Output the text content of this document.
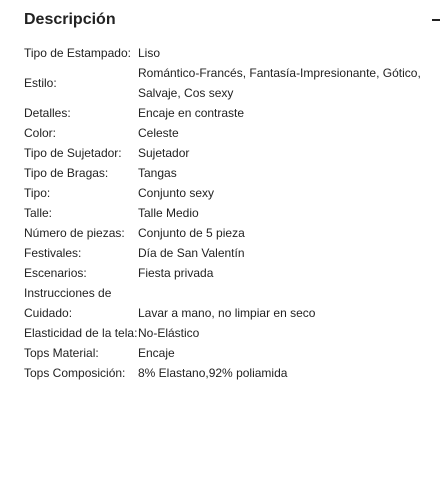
Descripción
Tipo de Estampado: Liso
Estilo:
Romántico-Francés, Fantasía-Impresionante, Gótico, Salvaje, Cos sexy
Detalles:	Encaje en contraste
Color:	Celeste
Tipo de Sujetador:	Sujetador
Tipo de Bragas:	Tangas
Tipo:	Conjunto sexy
Talle:	Talle Medio
Número de piezas:	Conjunto de 5 pieza
Festivales:	Día de San Valentín
Escenarios:	Fiesta privada
Instrucciones de Cuidado:	Lavar a mano, no limpiar en seco
Elasticidad de la tela: No-Elástico
Tops Material:	Encaje
Tops Composición:	8% Elastano,92% poliamida
